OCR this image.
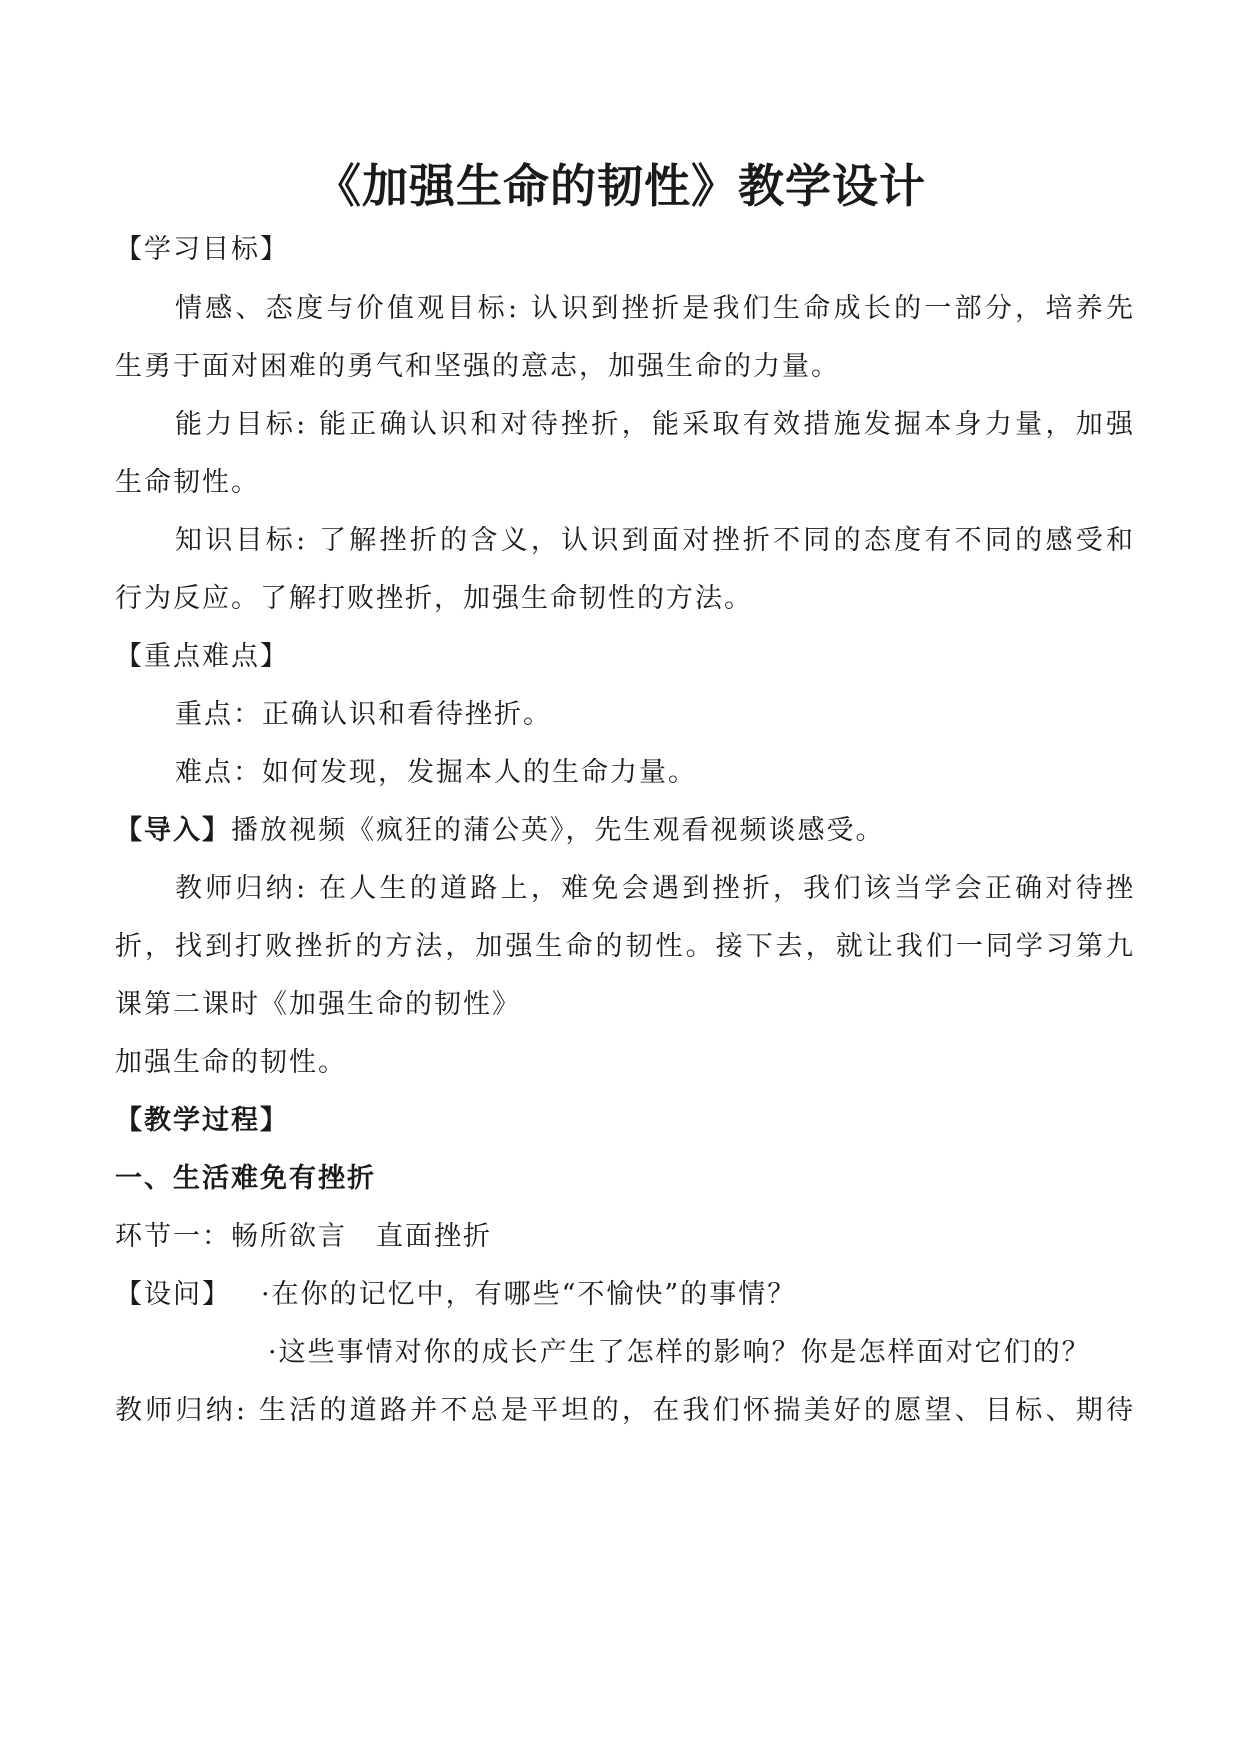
《加强生命的韧性》教学设计
【学习目标】
情感、态度与价值观目标: 认识到挫折是我们生命成长的一部分，培养先
生勇于面对困难的勇气和坚强的意志，加强生命的力量。
能力目标: 能正确认识和对待挫折，能采取有效措施发掘本身力量，加强
生命韧性。
知识目标: 了解挫折的含义，认识到面对挫折不同的态度有不同的感受和
行为反应。了解打败挫折，加强生命韧性的方法。
【重点难点】
重点：正确认识和看待挫折。
难点：如何发现，发掘本人的生命力量。
【导入】播放视频《疯狂的蒲公英》，先生观看视频谈感受。
教师归纳: 在人生的道路上，难免会遇到挫折，我们该当学会正确对待挫
折，找到打败挫折的方法，加强生命的韧性。接下去，就让我们一同学习第九
课第二课时《加强生命的韧性》
加强生命的韧性。
【教学过程】
一、生活难免有挫折
环节一：畅所欲言　直面挫折
【设问】 ·在你的记忆中，有哪些“不愉快”的事情？
·这些事情对你的成长产生了怎样的影响？你是怎样面对它们的？
教师归纳: 生活的道路并不总是平坦的，在我们怀揣美好的愿望、目标、期待
